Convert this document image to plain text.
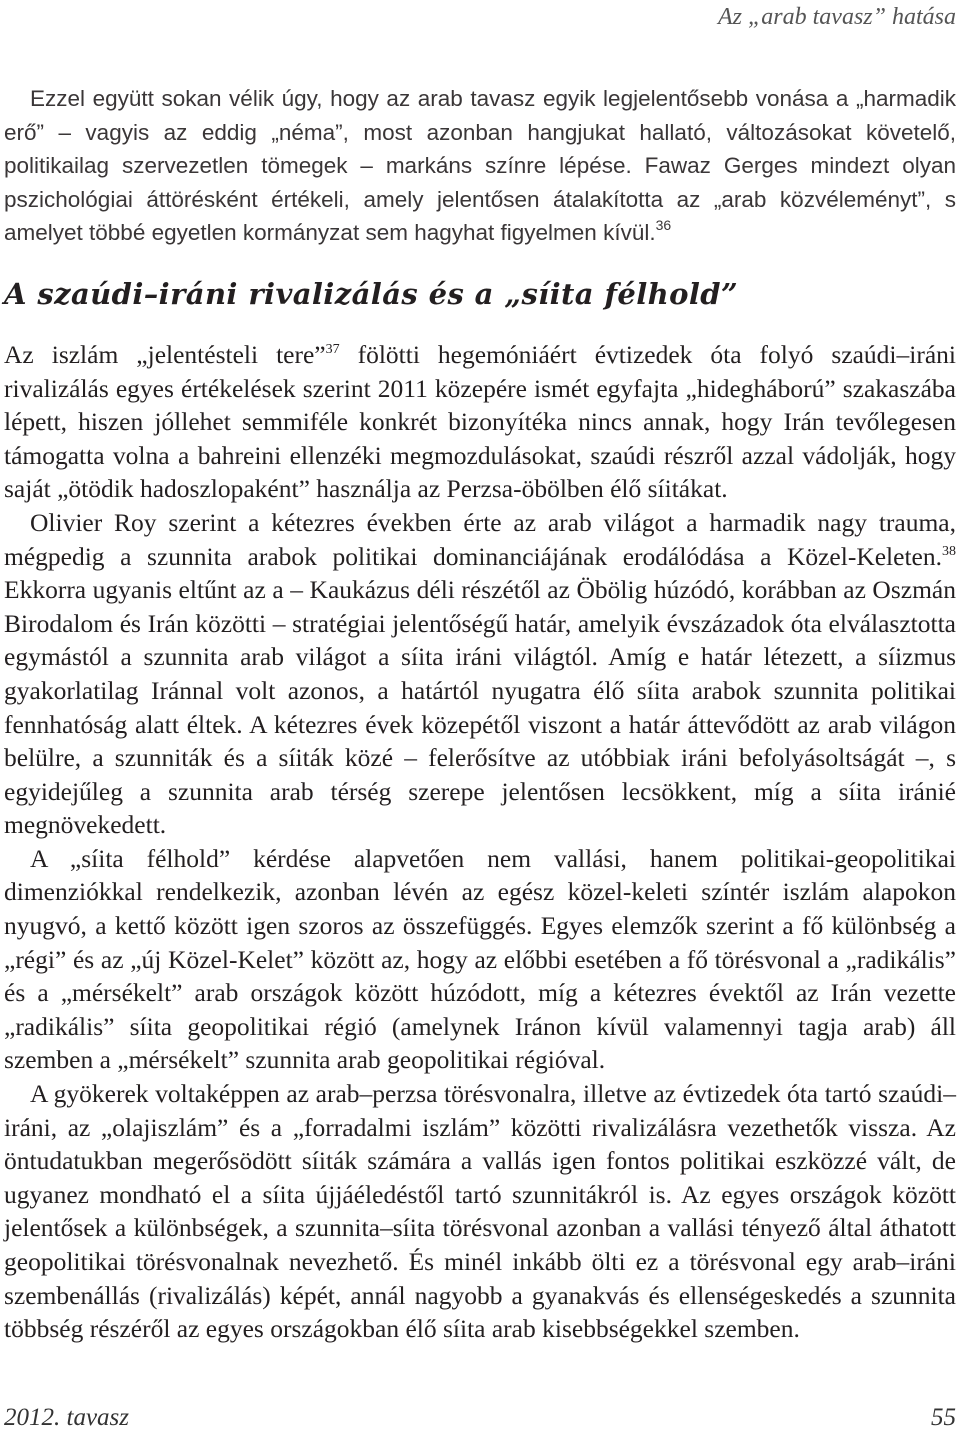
Az „arab tavasz” hatása

Ezzel együtt sokan vélik úgy, hogy az arab tavasz egyik legjelentősebb vonása a „harmadik erő” – vagyis az eddig „néma”, most azonban hangjukat hallató, változásokat követelő, politikailag szervezetlen tömegek – markáns színre lépése. Fawaz Gerges mindezt olyan pszichológiai áttörésként értékeli, amely jelentősen átalakította az „arab közvéleményt”, s amelyet többé egyetlen kormányzat sem hagyhat figyelmen kívül.$^{36}$

A szaúdi–iráni rivalizálás és a „síita félhold”

Az iszlám „jelentésteli tere”$^{37}$ fölötti hegemóniáért évtizedek óta folyó szaúdi–iráni rivalizálás egyes értékelések szerint 2011 közepére ismét egyfajta „hidegháború” szakaszába lépett, hiszen jóllehet semmiféle konkrét bizonyítéka nincs annak, hogy Irán tevőlegesen támogatta volna a bahreini ellenzéki megmozdulásokat, szaúdi részről azzal vádolják, hogy saját „ötödik hadoszlopaként” használja az Perzsa-öbölben élő síitákat.

Olivier Roy szerint a kétezres években érte az arab világot a harmadik nagy trauma, mégpedig a szunnita arabok politikai dominanciájának erodálódása a Közel-Keleten.$^{38}$ Ekkorra ugyanis eltűnt az a – Kaukázus déli részétől az Öbölig húzódó, korábban az Oszmán Birodalom és Irán közötti – stratégiai jelentőségű határ, amelyik évszázadok óta elválasztotta egymástól a szunnita arab világot a síita iráni világtól. Amíg e határ létezett, a síizmus gyakorlatilag Iránnal volt azonos, a határtól nyugatra élő síita arabok szunnita politikai fennhatóság alatt éltek. A kétezres évek közepétől viszont a határ áttevődött az arab világon belülre, a szunniták és a síiták közé – felerősítve az utóbbiak iráni befolyásoltságát –, s egyidejűleg a szunnita arab térség szerepe jelentősen lecsökkent, míg a síita iránié megnövekedett.

A „síita félhold” kérdése alapvetően nem vallási, hanem politikai-geopolitikai dimenziókkal rendelkezik, azonban lévén az egész közel-keleti színtér iszlám alapokon nyugvó, a kettő között igen szoros az összefüggés. Egyes elemzők szerint a fő különbség a „régi” és az „új Közel-Kelet” között az, hogy az előbbi esetében a fő törésvonal a „radikális” és a „mérsékelt” arab országok között húzódott, míg a kétezres évektől az Irán vezette „radikális” síita geopolitikai régió (amelynek Iránon kívül valamennyi tagja arab) áll szemben a „mérsékelt” szunnita arab geopolitikai régióval.

A gyökerek voltaképpen az arab–perzsa törésvonalra, illetve az évtizedek óta tartó szaúdi–iráni, az „olajiszlám” és a „forradalmi iszlám” közötti rivalizálásra vezethetők vissza. Az öntudatukban megerősödött síiták számára a vallás igen fontos politikai eszközzé vált, de ugyanez mondható el a síita újjáéledéstől tartó szunnitákról is. Az egyes országok között jelentősek a különbségek, a szunnita–síita törésvonal azonban a vallási tényező által áthatott geopolitikai törésvonalnak nevezhető. És minél inkább ölti ez a törésvonal egy arab–iráni szembenállás (rivalizálás) képét, annál nagyobb a gyanakvás és ellenségeskedés a szunnita többség részéről az egyes országokban élő síita arab kisebbségekkel szemben.

2012. tavasz	55
